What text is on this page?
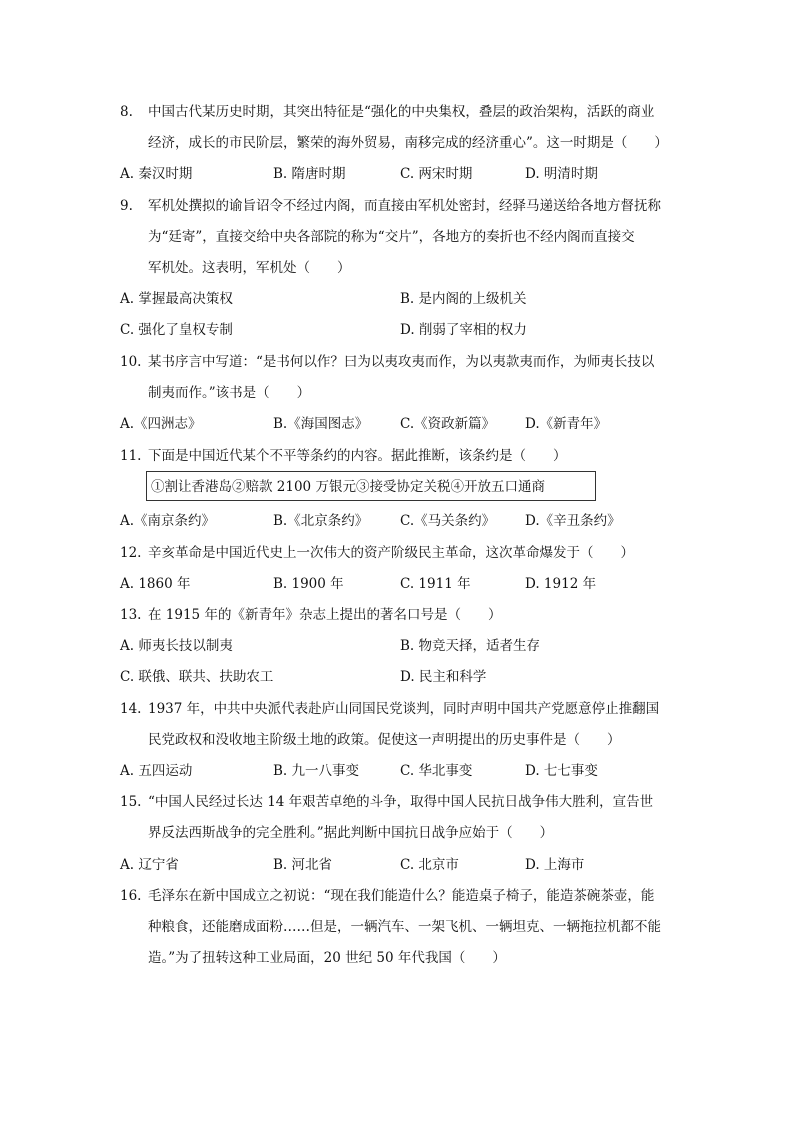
8. 中国古代某历史时期，其突出特征是“强化的中央集权，叠层的政治架构，活跃的商业
经济，成长的市民阶层，繁荣的海外贸易，南移完成的经济重心”。这一时期是（　　）
A. 秦汉时期	B. 隋唐时期	C. 两宋时期	D. 明清时期
9. 军机处撰拟的谕旨诏令不经过内阁，而直接由军机处密封，经驿马递送给各地方督抚称
为“廷寄”，直接交给中央各部院的称为“交片”，各地方的奏折也不经内阁而直接交
军机处。这表明，军机处（　　）
A. 掌握最高决策权	B. 是内阁的上级机关
C. 强化了皇权专制	D. 削弱了宰相的权力
10. 某书序言中写道：“是书何以作？曰为以夷攻夷而作，为以夷款夷而作，为师夷长技以
制夷而作。”该书是（　　）
A.《四洲志》	B.《海国图志》 C.《资政新篇》 D.《新青年》
11. 下面是中国近代某个不平等条约的内容。据此推断，该条约是（　　）
①割让香港岛②赔款 2100 万银元③接受协定关税④开放五口通商
A.《南京条约》	B.《北京条约》 C.《马关条约》 D.《辛丑条约》
12. 辛亥革命是中国近代史上一次伟大的资产阶级民主革命，这次革命爆发于（　　）
A. 1860 年	B. 1900 年	C. 1911 年	D. 1912 年
13. 在 1915 年的《新青年》杂志上提出的著名口号是（　　）
A. 师夷长技以制夷	B. 物竞天择，适者生存
C. 联俄、联共、扶助农工	D. 民主和科学
14. 1937 年，中共中央派代表赴庐山同国民党谈判，同时声明中国共产党愿意停止推翻国
民党政权和没收地主阶级土地的政策。促使这一声明提出的历史事件是（　　）
A. 五四运动	B. 九一八事变	C. 华北事变	D. 七七事变
15. “中国人民经过长达 14 年艰苦卓绝的斗争，取得中国人民抗日战争伟大胜利，宣告世
界反法西斯战争的完全胜利。”据此判断中国抗日战争应始于（　　）
A. 辽宁省	B. 河北省	C. 北京市	D. 上海市
16. 毛泽东在新中国成立之初说：“现在我们能造什么？能造桌子椅子，能造茶碗茶壶，能
种粮食，还能磨成面粉……但是，一辆汽车、一架飞机、一辆坦克、一辆拖拉机都不能
造。”为了扭转这种工业局面，20 世纪 50 年代我国（　　）
